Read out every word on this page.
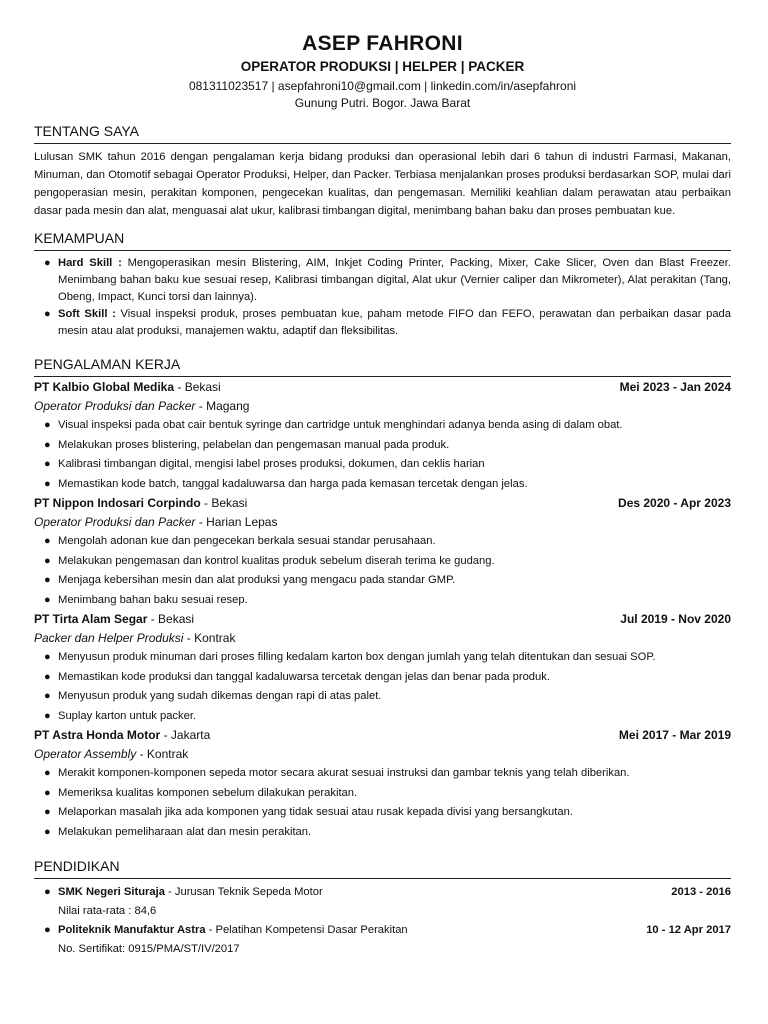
ASEP FAHRONI

OPERATOR PRODUKSI | HELPER | PACKER

081311023517 | asepfahroni10@gmail.com | linkedin.com/in/asepfahroni

Gunung Putri. Bogor. Jawa Barat

TENTANG SAYA

Lulusan SMK tahun 2016 dengan pengalaman kerja bidang produksi dan operasional lebih dari 6 tahun di industri Farmasi, Makanan, Minuman, dan Otomotif sebagai Operator Produksi, Helper, dan Packer. Terbiasa menjalankan proses produksi berdasarkan SOP, mulai dari pengoperasian mesin, perakitan komponen, pengecekan kualitas, dan pengemasan. Memiliki keahlian dalam perawatan atau perbaikan dasar pada mesin dan alat, menguasai alat ukur, kalibrasi timbangan digital, menimbang bahan baku dan proses pembuatan kue.

KEMAMPUAN
● Hard Skill : Mengoperasikan mesin Blistering, AIM, Inkjet Coding Printer, Packing, Mixer, Cake Slicer, Oven dan Blast Freezer. Menimbang bahan baku kue sesuai resep, Kalibrasi timbangan digital, Alat ukur (Vernier caliper dan Mikrometer), Alat perakitan (Tang, Obeng, Impact, Kunci torsi dan lainnya).
● Soft Skill : Visual inspeksi produk, proses pembuatan kue, paham metode FIFO dan FEFO, perawatan dan perbaikan dasar pada mesin atau alat produksi, manajemen waktu, adaptif dan fleksibilitas.
PENGALAMAN KERJA
PT Kalbio Global Medika - Bekasi	Mei 2023 - Jan 2024
Operator Produksi dan Packer - Magang
● Visual inspeksi pada obat cair bentuk syringe dan cartridge untuk menghindari adanya benda asing di dalam obat.
● Melakukan proses blistering, pelabelan dan pengemasan manual pada produk.
● Kalibrasi timbangan digital, mengisi label proses produksi, dokumen, dan ceklis harian
● Memastikan kode batch, tanggal kadaluwarsa dan harga pada kemasan tercetak dengan jelas.
PT Nippon Indosari Corpindo - Bekasi	Des 2020 - Apr 2023
Operator Produksi dan Packer - Harian Lepas
● Mengolah adonan kue dan pengecekan berkala sesuai standar perusahaan.
● Melakukan pengemasan dan kontrol kualitas produk sebelum diserah terima ke gudang.
● Menjaga kebersihan mesin dan alat produksi yang mengacu pada standar GMP.
● Menimbang bahan baku sesuai resep.
PT Tirta Alam Segar - Bekasi	Jul 2019 - Nov 2020
Packer dan Helper Produksi - Kontrak
● Menyusun produk minuman dari proses filling kedalam karton box dengan jumlah yang telah ditentukan dan sesuai SOP.
● Memastikan kode produksi dan tanggal kadaluwarsa tercetak dengan jelas dan benar pada produk.
● Menyusun produk yang sudah dikemas dengan rapi di atas palet.
● Suplay karton untuk packer.
PT Astra Honda Motor - Jakarta	Mei 2017 - Mar 2019
Operator Assembly - Kontrak
● Merakit komponen-komponen sepeda motor secara akurat sesuai instruksi dan gambar teknis yang telah diberikan.
● Memeriksa kualitas komponen sebelum dilakukan perakitan.
● Melaporkan masalah jika ada komponen yang tidak sesuai atau rusak kepada divisi yang bersangkutan.
● Melakukan pemeliharaan alat dan mesin perakitan.
PENDIDIKAN
● SMK Negeri Situraja - Jurusan Teknik Sepeda Motor	2013 - 2016
Nilai rata-rata : 84,6
● Politeknik Manufaktur Astra - Pelatihan Kompetensi Dasar Perakitan	10 - 12 Apr 2017
No. Sertifikat: 0915/PMA/ST/IV/2017
